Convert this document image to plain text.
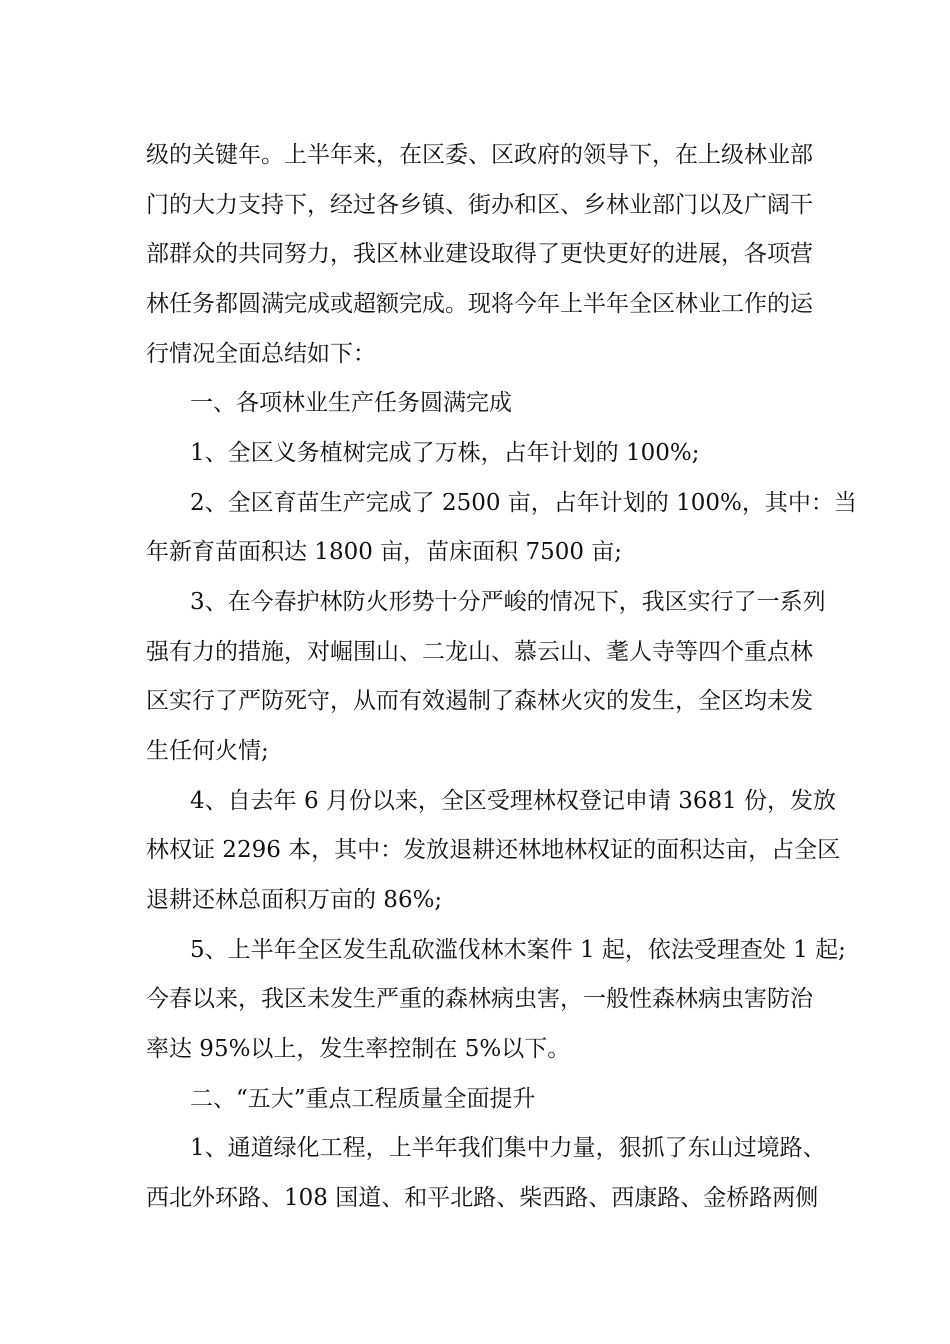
级的关键年。上半年来，在区委、区政府的领导下，在上级林业部
门的大力支持下，经过各乡镇、街办和区、乡林业部门以及广阔干
部群众的共同努力，我区林业建设取得了更快更好的进展，各项营
林任务都圆满完成或超额完成。现将今年上半年全区林业工作的运
行情况全面总结如下：
一、各项林业生产任务圆满完成
1、全区义务植树完成了万株，占年计划的 100%;
2、全区育苗生产完成了 2500 亩，占年计划的 100%，其中：当
年新育苗面积达 1800 亩，苗床面积 7500 亩;
3、在今春护林防火形势十分严峻的情况下，我区实行了一系列
强有力的措施，对崛围山、二龙山、慕云山、耄人寺等四个重点林
区实行了严防死守，从而有效遏制了森林火灾的发生，全区均未发
生任何火情;
4、自去年 6 月份以来，全区受理林权登记申请 3681 份，发放
林权证 2296 本，其中：发放退耕还林地林权证的面积达亩，占全区
退耕还林总面积万亩的 86%;
5、上半年全区发生乱砍滥伐林木案件 1 起，依法受理查处 1 起;
今春以来，我区未发生严重的森林病虫害，一般性森林病虫害防治
率达 95%以上，发生率控制在 5%以下。
二、“五大”重点工程质量全面提升
1、通道绿化工程，上半年我们集中力量，狠抓了东山过境路、
西北外环路、108 国道、和平北路、柴西路、西康路、金桥路两侧
